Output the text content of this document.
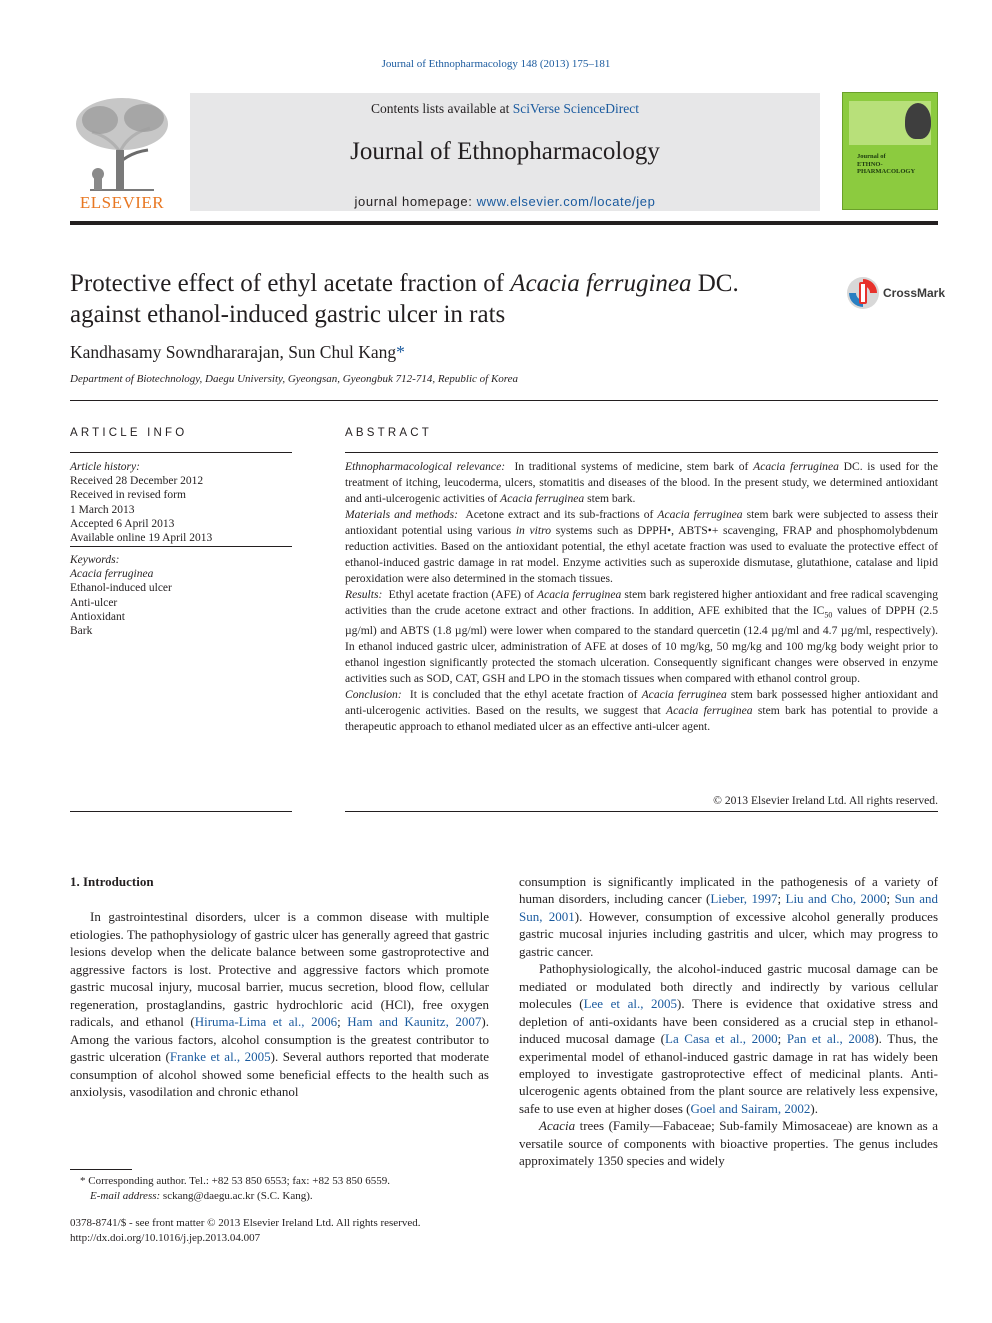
Journal of Ethnopharmacology 148 (2013) 175–181
ELSEVIER
Contents lists available at SciVerse ScienceDirect
Journal of Ethnopharmacology
journal homepage: www.elsevier.com/locate/jep
Journal of
ETHNO-
PHARMACOLOGY
Protective effect of ethyl acetate fraction of Acacia ferruginea DC.
against ethanol-induced gastric ulcer in rats
CrossMark
Kandhasamy Sowndhararajan, Sun Chul Kang*
Department of Biotechnology, Daegu University, Gyeongsan, Gyeongbuk 712-714, Republic of Korea
ARTICLE INFO
Article history:
Received 28 December 2012
Received in revised form
1 March 2013
Accepted 6 April 2013
Available online 19 April 2013
Keywords:
Acacia ferruginea
Ethanol-induced ulcer
Anti-ulcer
Antioxidant
Bark
ABSTRACT

Ethnopharmacological relevance: In traditional systems of medicine, stem bark of Acacia ferruginea DC. is used for the treatment of itching, leucoderma, ulcers, stomatitis and diseases of the blood. In the present study, we determined antioxidant and anti-ulcerogenic activities of Acacia ferruginea stem bark.

Materials and methods: Acetone extract and its sub-fractions of Acacia ferruginea stem bark were subjected to assess their antioxidant potential using various in vitro systems such as DPPH•, ABTS•+ scavenging, FRAP and phosphomolybdenum reduction activities. Based on the antioxidant potential, the ethyl acetate fraction was used to evaluate the protective effect of ethanol-induced gastric damage in rat model. Enzyme activities such as superoxide dismutase, glutathione, catalase and lipid peroxidation were also determined in the stomach tissues.

Results: Ethyl acetate fraction (AFE) of Acacia ferruginea stem bark registered higher antioxidant and free radical scavenging activities than the crude acetone extract and other fractions. In addition, AFE exhibited that the $IC_{50}$ values of DPPH (2.5 µg/ml) and ABTS (1.8 µg/ml) were lower when compared to the standard quercetin (12.4 µg/ml and 4.7 µg/ml, respectively). In ethanol induced gastric ulcer, administration of AFE at doses of 10 mg/kg, 50 mg/kg and 100 mg/kg body weight prior to ethanol ingestion significantly protected the stomach ulceration. Consequently significant changes were observed in enzyme activities such as SOD, CAT, GSH and LPO in the stomach tissues when compared with ethanol control group.

Conclusion: It is concluded that the ethyl acetate fraction of Acacia ferruginea stem bark possessed higher antioxidant and anti-ulcerogenic activities. Based on the results, we suggest that Acacia ferruginea stem bark has potential to provide a therapeutic approach to ethanol mediated ulcer as an effective anti-ulcer agent.

© 2013 Elsevier Ireland Ltd. All rights reserved.
1. Introduction

In gastrointestinal disorders, ulcer is a common disease with multiple etiologies. The pathophysiology of gastric ulcer has generally agreed that gastric lesions develop when the delicate balance between some gastroprotective and aggressive factors is lost. Protective and aggressive factors which promote gastric mucosal injury, mucosal barrier, mucus secretion, blood flow, cellular regeneration, prostaglandins, gastric hydrochloric acid (HCl), free oxygen radicals, and ethanol (Hiruma-Lima et al., 2006; Ham and Kaunitz, 2007). Among the various factors, alcohol consumption is the greatest contributor to gastric ulceration (Franke et al., 2005). Several authors reported that moderate consumption of alcohol showed some beneficial effects to the health such as anxiolysis, vasodilation and chronic ethanol

consumption is significantly implicated in the pathogenesis of a variety of human disorders, including cancer (Lieber, 1997; Liu and Cho, 2000; Sun and Sun, 2001). However, consumption of excessive alcohol generally produces gastric mucosal injuries including gastritis and ulcer, which may progress to gastric cancer.

Pathophysiologically, the alcohol-induced gastric mucosal damage can be mediated or modulated both directly and indirectly by various cellular molecules (Lee et al., 2005). There is evidence that oxidative stress and depletion of anti-oxidants have been considered as a crucial step in ethanol-induced mucosal damage (La Casa et al., 2000; Pan et al., 2008). Thus, the experimental model of ethanol-induced gastric damage in rat has widely been employed to investigate gastroprotective effect of medicinal plants. Anti-ulcerogenic agents obtained from the plant source are relatively less expensive, safe to use even at higher doses (Goel and Sairam, 2002).

Acacia trees (Family—Fabaceae; Sub-family Mimosaceae) are known as a versatile source of components with bioactive properties. The genus includes approximately 1350 species and widely

* Corresponding author. Tel.: +82 53 850 6553; fax: +82 53 850 6559.
E-mail address: sckang@daegu.ac.kr (S.C. Kang).
0378-8741/$ - see front matter © 2013 Elsevier Ireland Ltd. All rights reserved.
http://dx.doi.org/10.1016/j.jep.2013.04.007
